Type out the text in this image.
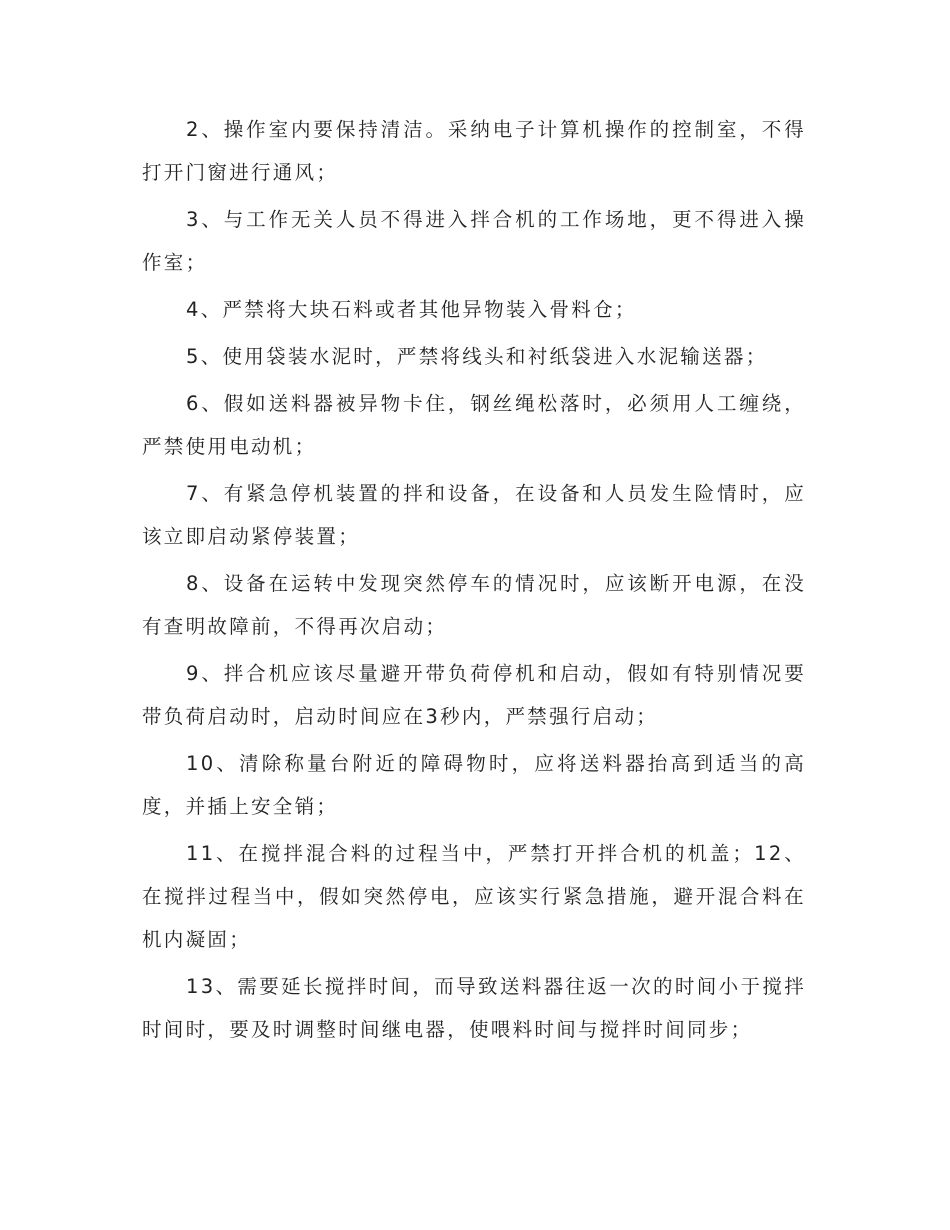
2、操作室内要保持清洁。采纳电子计算机操作的控制室，不得打开门窗进行通风；

3、与工作无关人员不得进入拌合机的工作场地，更不得进入操作室；

4、严禁将大块石料或者其他异物装入骨料仓；

5、使用袋装水泥时，严禁将线头和衬纸袋进入水泥输送器；

6、假如送料器被异物卡住，钢丝绳松落时，必须用人工缠绕，严禁使用电动机；

7、有紧急停机装置的拌和设备，在设备和人员发生险情时，应该立即启动紧停装置；

8、设备在运转中发现突然停车的情况时，应该断开电源，在没有查明故障前，不得再次启动；

9、拌合机应该尽量避开带负荷停机和启动，假如有特别情况要带负荷启动时，启动时间应在3秒内，严禁强行启动；

10、清除称量台附近的障碍物时，应将送料器抬高到适当的高度，并插上安全销；

11、在搅拌混合料的过程当中，严禁打开拌合机的机盖；12、在搅拌过程当中，假如突然停电，应该实行紧急措施，避开混合料在机内凝固；

13、需要延长搅拌时间，而导致送料器往返一次的时间小于搅拌时间时，要及时调整时间继电器，使喂料时间与搅拌时间同步；
